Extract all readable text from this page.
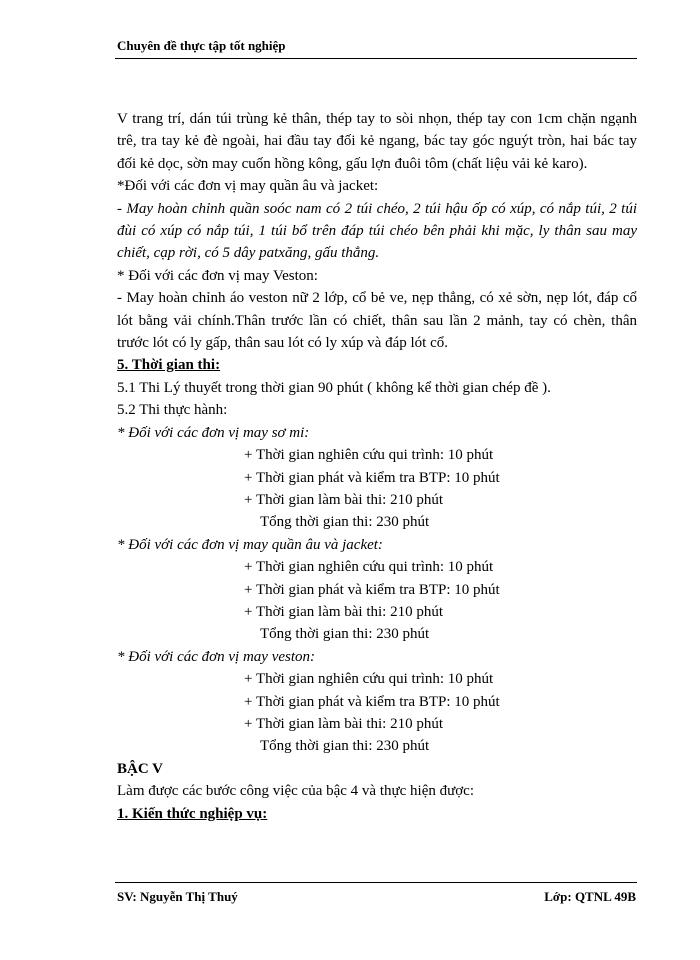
Chuyên đề thực tập tốt nghiệp

V trang trí, dán túi trùng kẻ thân, thép tay to sòi nhọn, thép tay con 1cm chặn ngạnh trê, tra tay kẻ đè ngoài, hai đầu tay đối kẻ ngang, bác tay góc nguýt tròn, hai bác tay đối kẻ dọc, sờn may cuốn hồng kông, gấu lợn đuôi tôm (chất liệu vải kẻ karo).

*Đối với các đơn vị may quần âu và jacket:

- May hoàn chỉnh quần soóc nam có 2 túi chéo, 2 túi hậu ốp có xúp, có nắp túi, 2 túi đùi có xúp có nắp túi, 1 túi bổ trên đáp túi chéo bên phải khi mặc, ly thân sau may chiết, cạp rời, có 5 dây patxăng, gấu thẳng.

* Đối với các đơn vị may Veston:

- May hoàn chỉnh áo veston nữ 2 lớp, cổ bẻ ve, nẹp thẳng, có xẻ sờn, nẹp lót, đáp cổ lót bằng vải chính.Thân trước lần có chiết, thân sau lần 2 mảnh, tay có chèn, thân trước lót có ly gấp, thân sau lót có ly xúp và đáp lót cổ.

5. Thời gian thi:

5.1 Thi Lý thuyết trong thời gian 90 phút ( không kể thời gian chép đề ).

5.2 Thi thực hành:

* Đối với các đơn vị may sơ mi:

+ Thời gian nghiên cứu qui trình: 10 phút

+ Thời gian phát và kiểm tra BTP: 10 phút

+ Thời gian làm bài thi: 210 phút

Tổng thời gian thi: 230 phút

* Đối với các đơn vị may quần âu và jacket:

+ Thời gian nghiên cứu qui trình: 10 phút

+ Thời gian phát và kiểm tra BTP: 10 phút

+ Thời gian làm bài thi: 210 phút

Tổng thời gian thi: 230 phút

* Đối với các đơn vị may veston:

+ Thời gian nghiên cứu qui trình: 10 phút

+ Thời gian phát và kiểm tra BTP: 10 phút

+ Thời gian làm bài thi: 210 phút

Tổng thời gian thi: 230 phút

BẬC V

Làm được các bước công việc của bậc 4 và thực hiện được:

1. Kiến thức nghiệp vụ:

SV: Nguyễn Thị Thuý	Lớp: QTNL 49B
